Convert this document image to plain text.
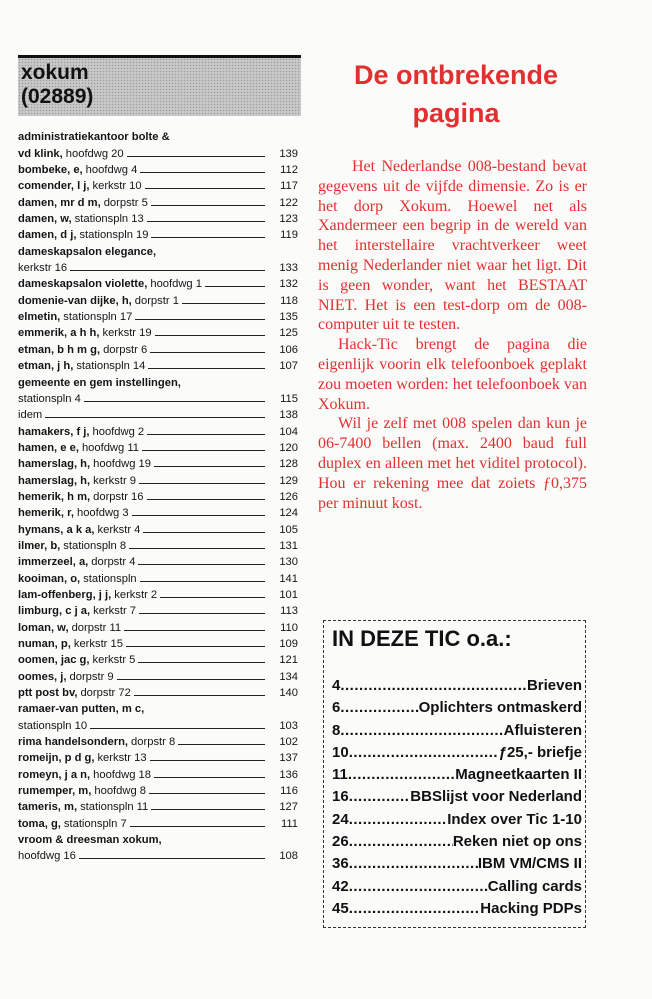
xokum
(02889)
administratiekantoor bolte &
vd klink, hoofdwg 20	139
bombeke, e, hoofdwg 4	112
comender, l j, kerkstr 10	117
damen, mr d m, dorpstr 5	122
damen, w, stationspln 13	123
damen, d j, stationspln 19	119
dameskapsalon elegance,
kerkstr 16	133
dameskapsalon violette, hoofdwg 1	132
domenie-van dijke, h, dorpstr 1	118
elmetin, stationspln 17	135
emmerik, a h h, kerkstr 19	125
etman, b h m g, dorpstr 6	106
etman, j h, stationspln 14	107
gemeente en gem instellingen,
stationspln 4	115
idem	138
hamakers, f j, hoofdwg 2	104
hamen, e e, hoofdwg 11	120
hamerslag, h, hoofdwg 19	128
hamerslag, h, kerkstr 9	129
hemerik, h m, dorpstr 16	126
hemerik, r, hoofdwg 3	124
hymans, a k a, kerkstr 4	105
ilmer, b, stationspln 8	131
immerzeel, a, dorpstr 4	130
kooiman, o, stationspln	141
lam-offenberg, j j, kerkstr 2	101
limburg, c j a, kerkstr 7	113
loman, w, dorpstr 11	110
numan, p, kerkstr 15	109
oomen, jac g, kerkstr 5	121
oomes, j, dorpstr 9	134
ptt post bv, dorpstr 72	140
ramaer-van putten, m c,
stationspln 10	103
rima handelsondern, dorpstr 8	102
romeijn, p d g, kerkstr 13	137
romeyn, j a n, hoofdwg 18	136
rumemper, m, hoofdwg 8	116
tameris, m, stationspln 11	127
toma, g, stationspln 7	111
vroom & dreesman xokum,
hoofdwg 16	108
De ontbrekende
pagina

Het Nederlandse 008-bestand bevat gegevens uit de vijfde dimensie. Zo is er het dorp Xokum. Hoewel net als Xandermeer een begrip in de wereld van het interstellaire vrachtverkeer weet menig Nederlander niet waar het ligt. Dit is geen wonder, want het BESTAAT NIET. Het is een test-dorp om de 008-computer uit te testen.

Hack-Tic brengt de pagina die eigenlijk voorin elk telefoonboek geplakt zou moeten worden: het telefoonboek van Xokum.

Wil je zelf met 008 spelen dan kun je 06-7400 bellen (max. 2400 baud full duplex en alleen met het viditel protocol). Hou er rekening mee dat zoiets ƒ0,375 per minuut kost.

IN DEZE TIC o.a.:
4 .....	Brieven
6 .....	Oplichters ontmaskerd
8 .....	Afluisteren
10 .....	ƒ25,- briefje
11 .....	Magneetkaarten II
16 .....	BBSlijst voor Nederland
24 .....	Index over Tic 1-10
26 .....	Reken niet op ons
36 .....	IBM VM/CMS II
42 .....	Calling cards
45 .....	Hacking PDPs
